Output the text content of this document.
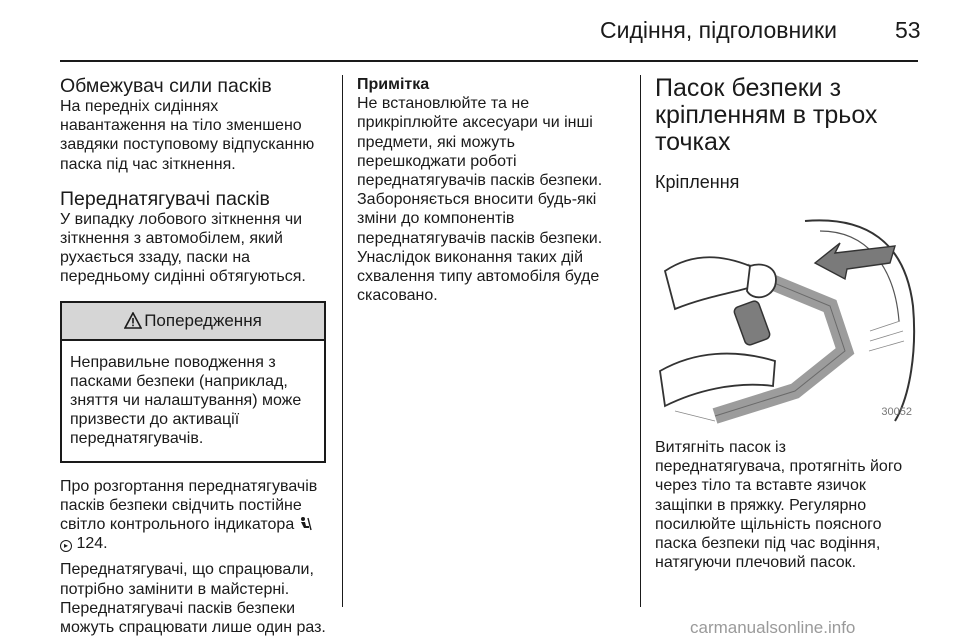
Сидіння, підголовники	53
Обмежувач сили пасків
На передніх сидіннях
навантаження на тіло зменшено
завдяки поступовому відпусканню
паска під час зіткнення.
Переднатягувачі пасків
У випадку лобового зіткнення чи
зіткнення з автомобілем, який
рухається ззаду, паски на
передньому сидінні обтягуються.
Попередження
Неправильне поводження з
пасками безпеки (наприклад,
зняття чи налаштування) може
призвести до активації
переднатягувачів.
Про розгортання переднатягувачів
пасків безпеки свідчить постійне
світло контрольного індикатора
▸ 124.
Переднатягувачі, що спрацювали,
потрібно замінити в майстерні.
Переднатягувачі пасків безпеки
можуть спрацювати лише один раз.
Примітка
Не встановлюйте та не
прикріплюйте аксесуари чи інші
предмети, які можуть
перешкоджати роботі
переднатягувачів пасків безпеки.
Забороняється вносити будь-які
зміни до компонентів
переднатягувачів пасків безпеки.
Унаслідок виконання таких дій
схвалення типу автомобіля буде
скасовано.
Пасок безпеки з
кріпленням в трьох
точках
Кріплення
30052
Витягніть пасок із
переднатягувача, протягніть його
через тіло та вставте язичок
защіпки в пряжку. Регулярно
посилюйте щільність поясного
паска безпеки під час водіння,
натягуючи плечовий пасок.
carmanualsonline.info
